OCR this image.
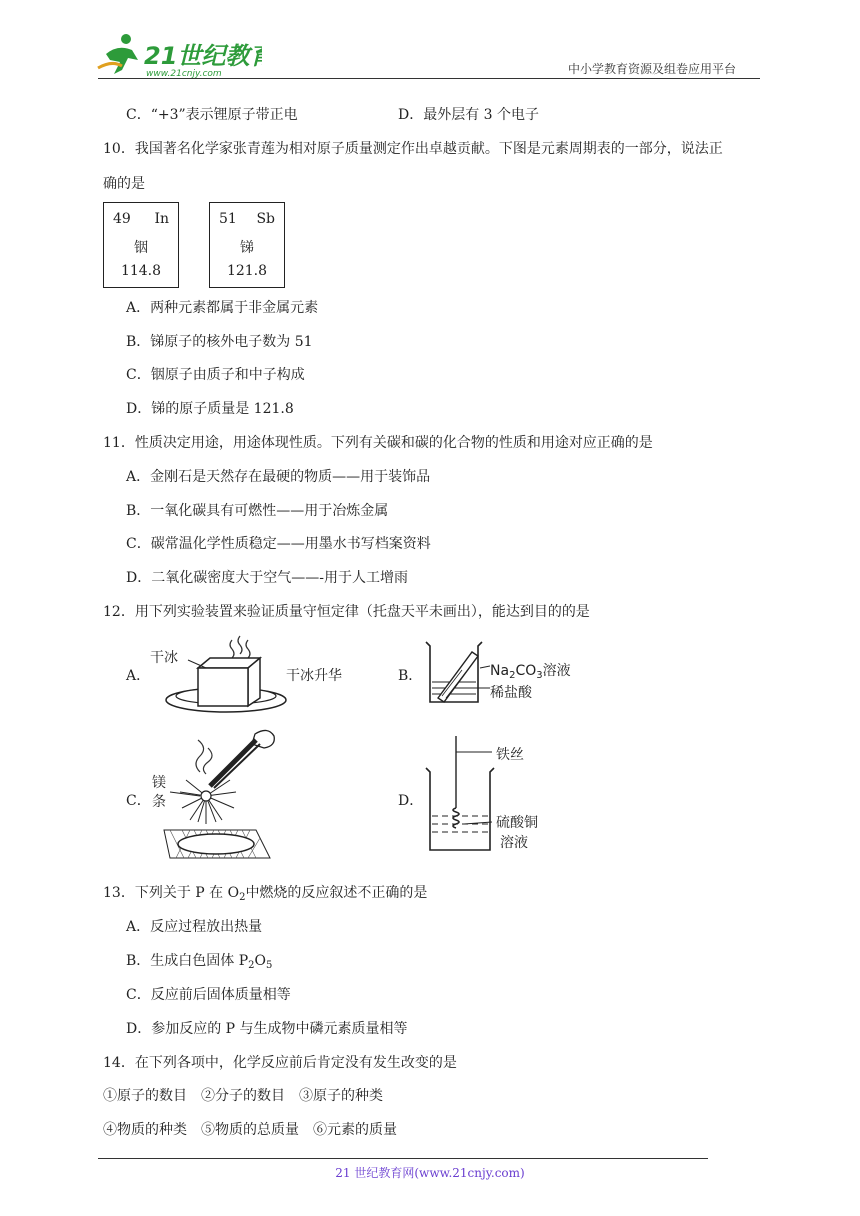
21世纪教育
www.21cnjy.com	中小学教育资源及组卷应用平台
C．“+3”表示锂原子带正电	D．最外层有 3 个电子
10．我国著名化学家张青莲为相对原子质量测定作出卓越贡献。下图是元素周期表的一部分，说法正
确的是
49 In
铟
114.8
51 Sb
锑
121.8
A．两种元素都属于非金属元素
B．锑原子的核外电子数为 51
C．铟原子由质子和中子构成
D．锑的原子质量是 121.8
11．性质决定用途，用途体现性质。下列有关碳和碳的化合物的性质和用途对应正确的是
A．金刚石是天然存在最硬的物质——用于装饰品
B．一氧化碳具有可燃性——用于冶炼金属
C．碳常温化学性质稳定——用墨水书写档案资料
D．二氧化碳密度大于空气——-用于人工增雨
12．用下列实验装置来验证质量守恒定律（托盘天平未画出），能达到目的的是
A．
干冰
干冰升华	B．	$Na_2CO_3$溶液
稀盐酸
C．
镁
条	D．
铁丝
硫酸铜
溶液
13．下列关于 P 在 $O_2$中燃烧的反应叙述不正确的是
A．反应过程放出热量
B．生成白色固体 $P_2O_5$
C．反应前后固体质量相等
D．参加反应的 P 与生成物中磷元素质量相等
14．在下列各项中，化学反应前后肯定没有发生改变的是
①原子的数目　②分子的数目　③原子的种类
④物质的种类　⑤物质的总质量　⑥元素的质量
21 世纪教育网(www.21cnjy.com)
